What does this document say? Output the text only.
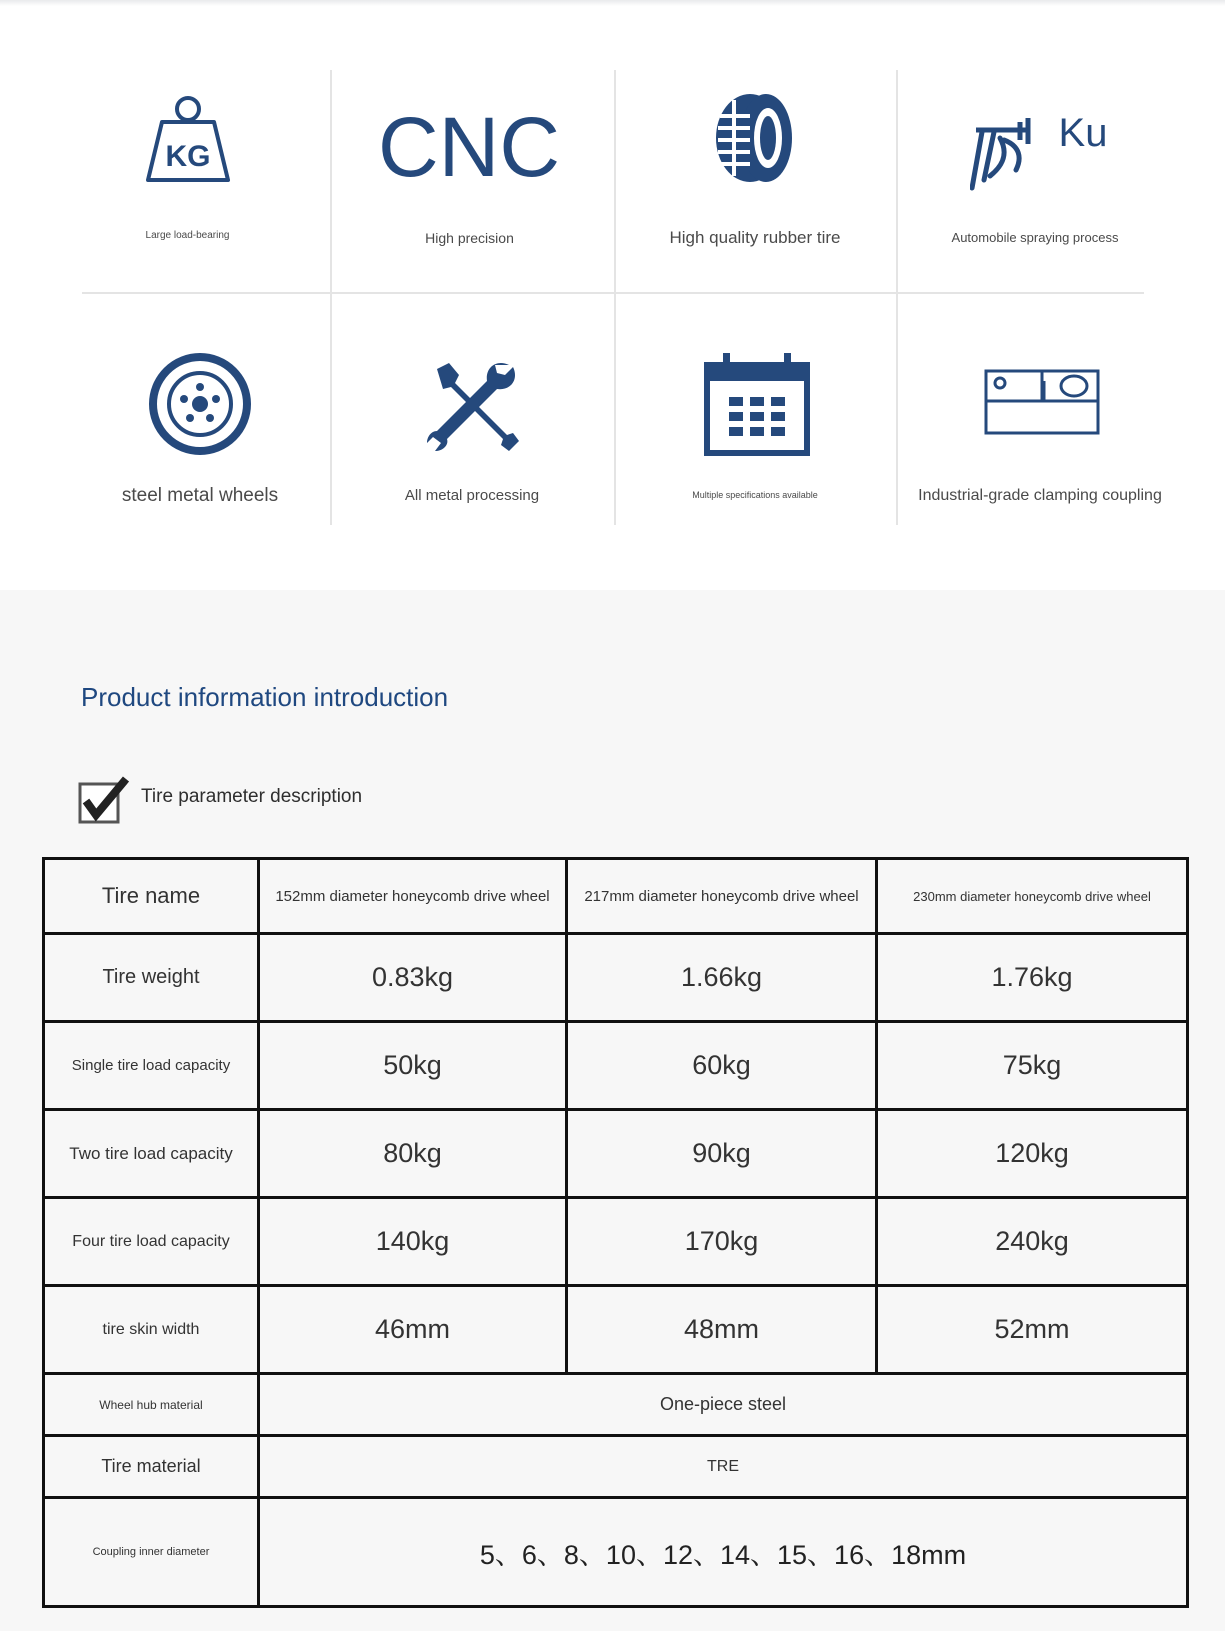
KG
Large load-bearing
CNC
High precision	High quality rubber tire
Ku
Automobile spraying process
steel metal wheels	All metal processing	Multiple specifications available	Industrial-grade clamping coupling
Product information introduction
Tire parameter description
Tire name	152mm diameter honeycomb drive wheel	217mm diameter honeycomb drive wheel	230mm diameter honeycomb drive wheel
Tire weight	0.83kg	1.66kg	1.76kg
Single tire load capacity	50kg	60kg	75kg
Two tire load capacity	80kg	90kg	120kg
Four tire load capacity	140kg	170kg	240kg
tire skin width	46mm	48mm	52mm
Wheel hub material	One-piece steel		
Tire material	TRE		
Coupling inner diameter	5、6、8、10、12、14、15、16、18mm		
